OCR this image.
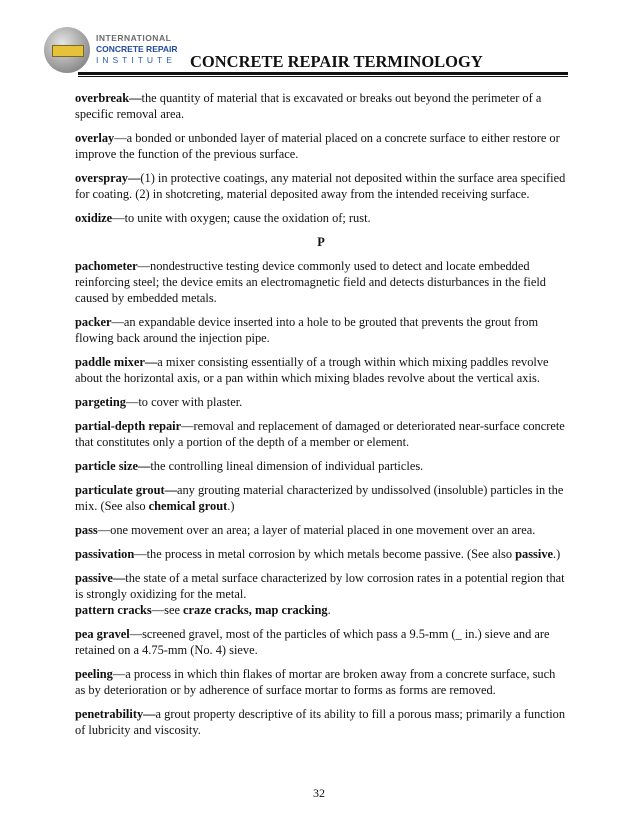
INTERNATIONAL
CONCRETE REPAIR
INSTITUTE CONCRETE REPAIR TERMINOLOGY
overbreak—the quantity of material that is excavated or breaks out beyond the perimeter of a specific removal area.
overlay—a bonded or unbonded layer of material placed on a concrete surface to either restore or improve the function of the previous surface.
overspray—(1) in protective coatings, any material not deposited within the surface area specified for coating. (2) in shotcreting, material deposited away from the intended receiving surface.
oxidize—to unite with oxygen; cause the oxidation of; rust.
P
pachometer—nondestructive testing device commonly used to detect and locate embedded reinforcing steel; the device emits an electromagnetic field and detects disturbances in the field caused by embedded metals.
packer—an expandable device inserted into a hole to be grouted that prevents the grout from flowing back around the injection pipe.
paddle mixer—a mixer consisting essentially of a trough within which mixing paddles revolve about the horizontal axis, or a pan within which mixing blades revolve about the vertical axis.
pargeting—to cover with plaster.
partial-depth repair—removal and replacement of damaged or deteriorated near-surface concrete that constitutes only a portion of the depth of a member or element.
particle size—the controlling lineal dimension of individual particles.
particulate grout—any grouting material characterized by undissolved (insoluble) particles in the mix. (See also chemical grout.)
pass—one movement over an area; a layer of material placed in one movement over an area.
passivation—the process in metal corrosion by which metals become passive. (See also passive.)
passive—the state of a metal surface characterized by low corrosion rates in a potential region that is strongly oxidizing for the metal.
pattern cracks—see craze cracks, map cracking.
pea gravel—screened gravel, most of the particles of which pass a 9.5-mm (_ in.) sieve and are retained on a 4.75-mm (No. 4) sieve.
peeling—a process in which thin flakes of mortar are broken away from a concrete surface, such as by deterioration or by adherence of surface mortar to forms as forms are removed.
penetrability—a grout property descriptive of its ability to fill a porous mass; primarily a function of lubricity and viscosity.
32
